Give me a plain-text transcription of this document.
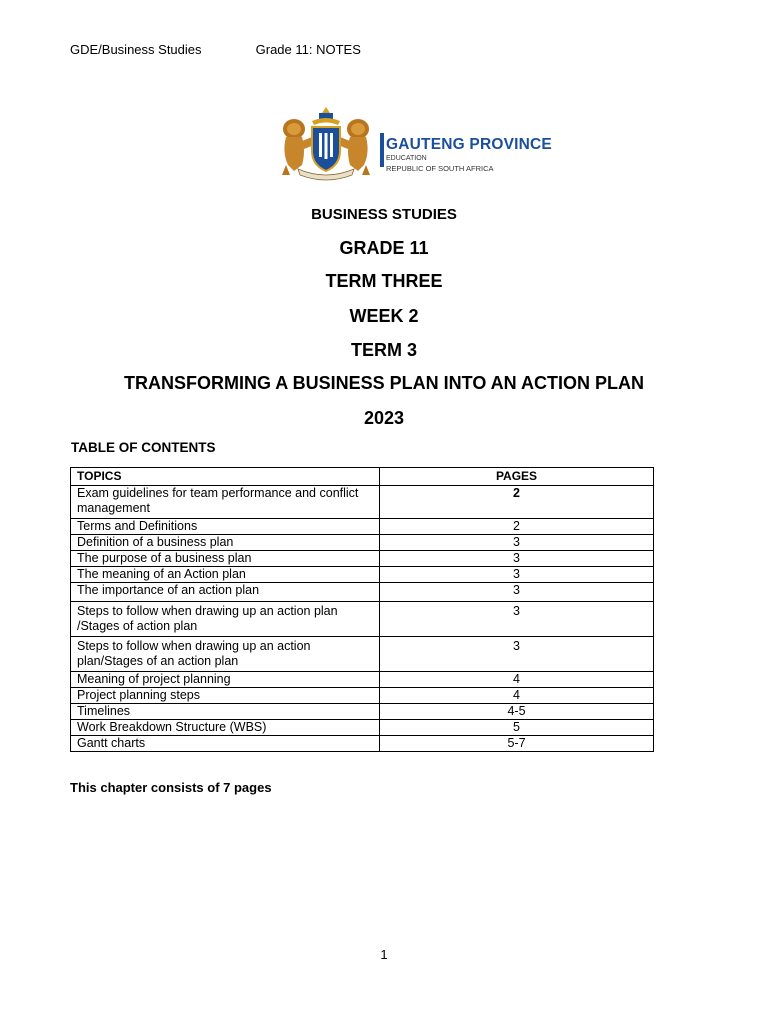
GDE/Business Studies	Grade 11: NOTES
GAUTENG PROVINCE
EDUCATION
REPUBLIC OF SOUTH AFRICA
BUSINESS STUDIES
GRADE 11
TERM THREE
WEEK 2
TERM 3
TRANSFORMING A BUSINESS PLAN INTO AN ACTION PLAN
2023
TABLE OF CONTENTS
TOPICS	PAGES
Exam guidelines for team performance and conflict management	2
Terms and Definitions	2
Definition of a business plan	3
The purpose of a business plan	3
The meaning of an Action plan	3
The importance of an action plan	3
Steps to follow when drawing up an action plan /Stages of action plan	3
Steps to follow when drawing up an action plan/Stages of an action plan	3
Meaning of project planning	4
Project planning steps	4
Timelines	4-5
Work Breakdown Structure (WBS)	5
Gantt charts	5-7
This chapter consists of 7 pages
1
